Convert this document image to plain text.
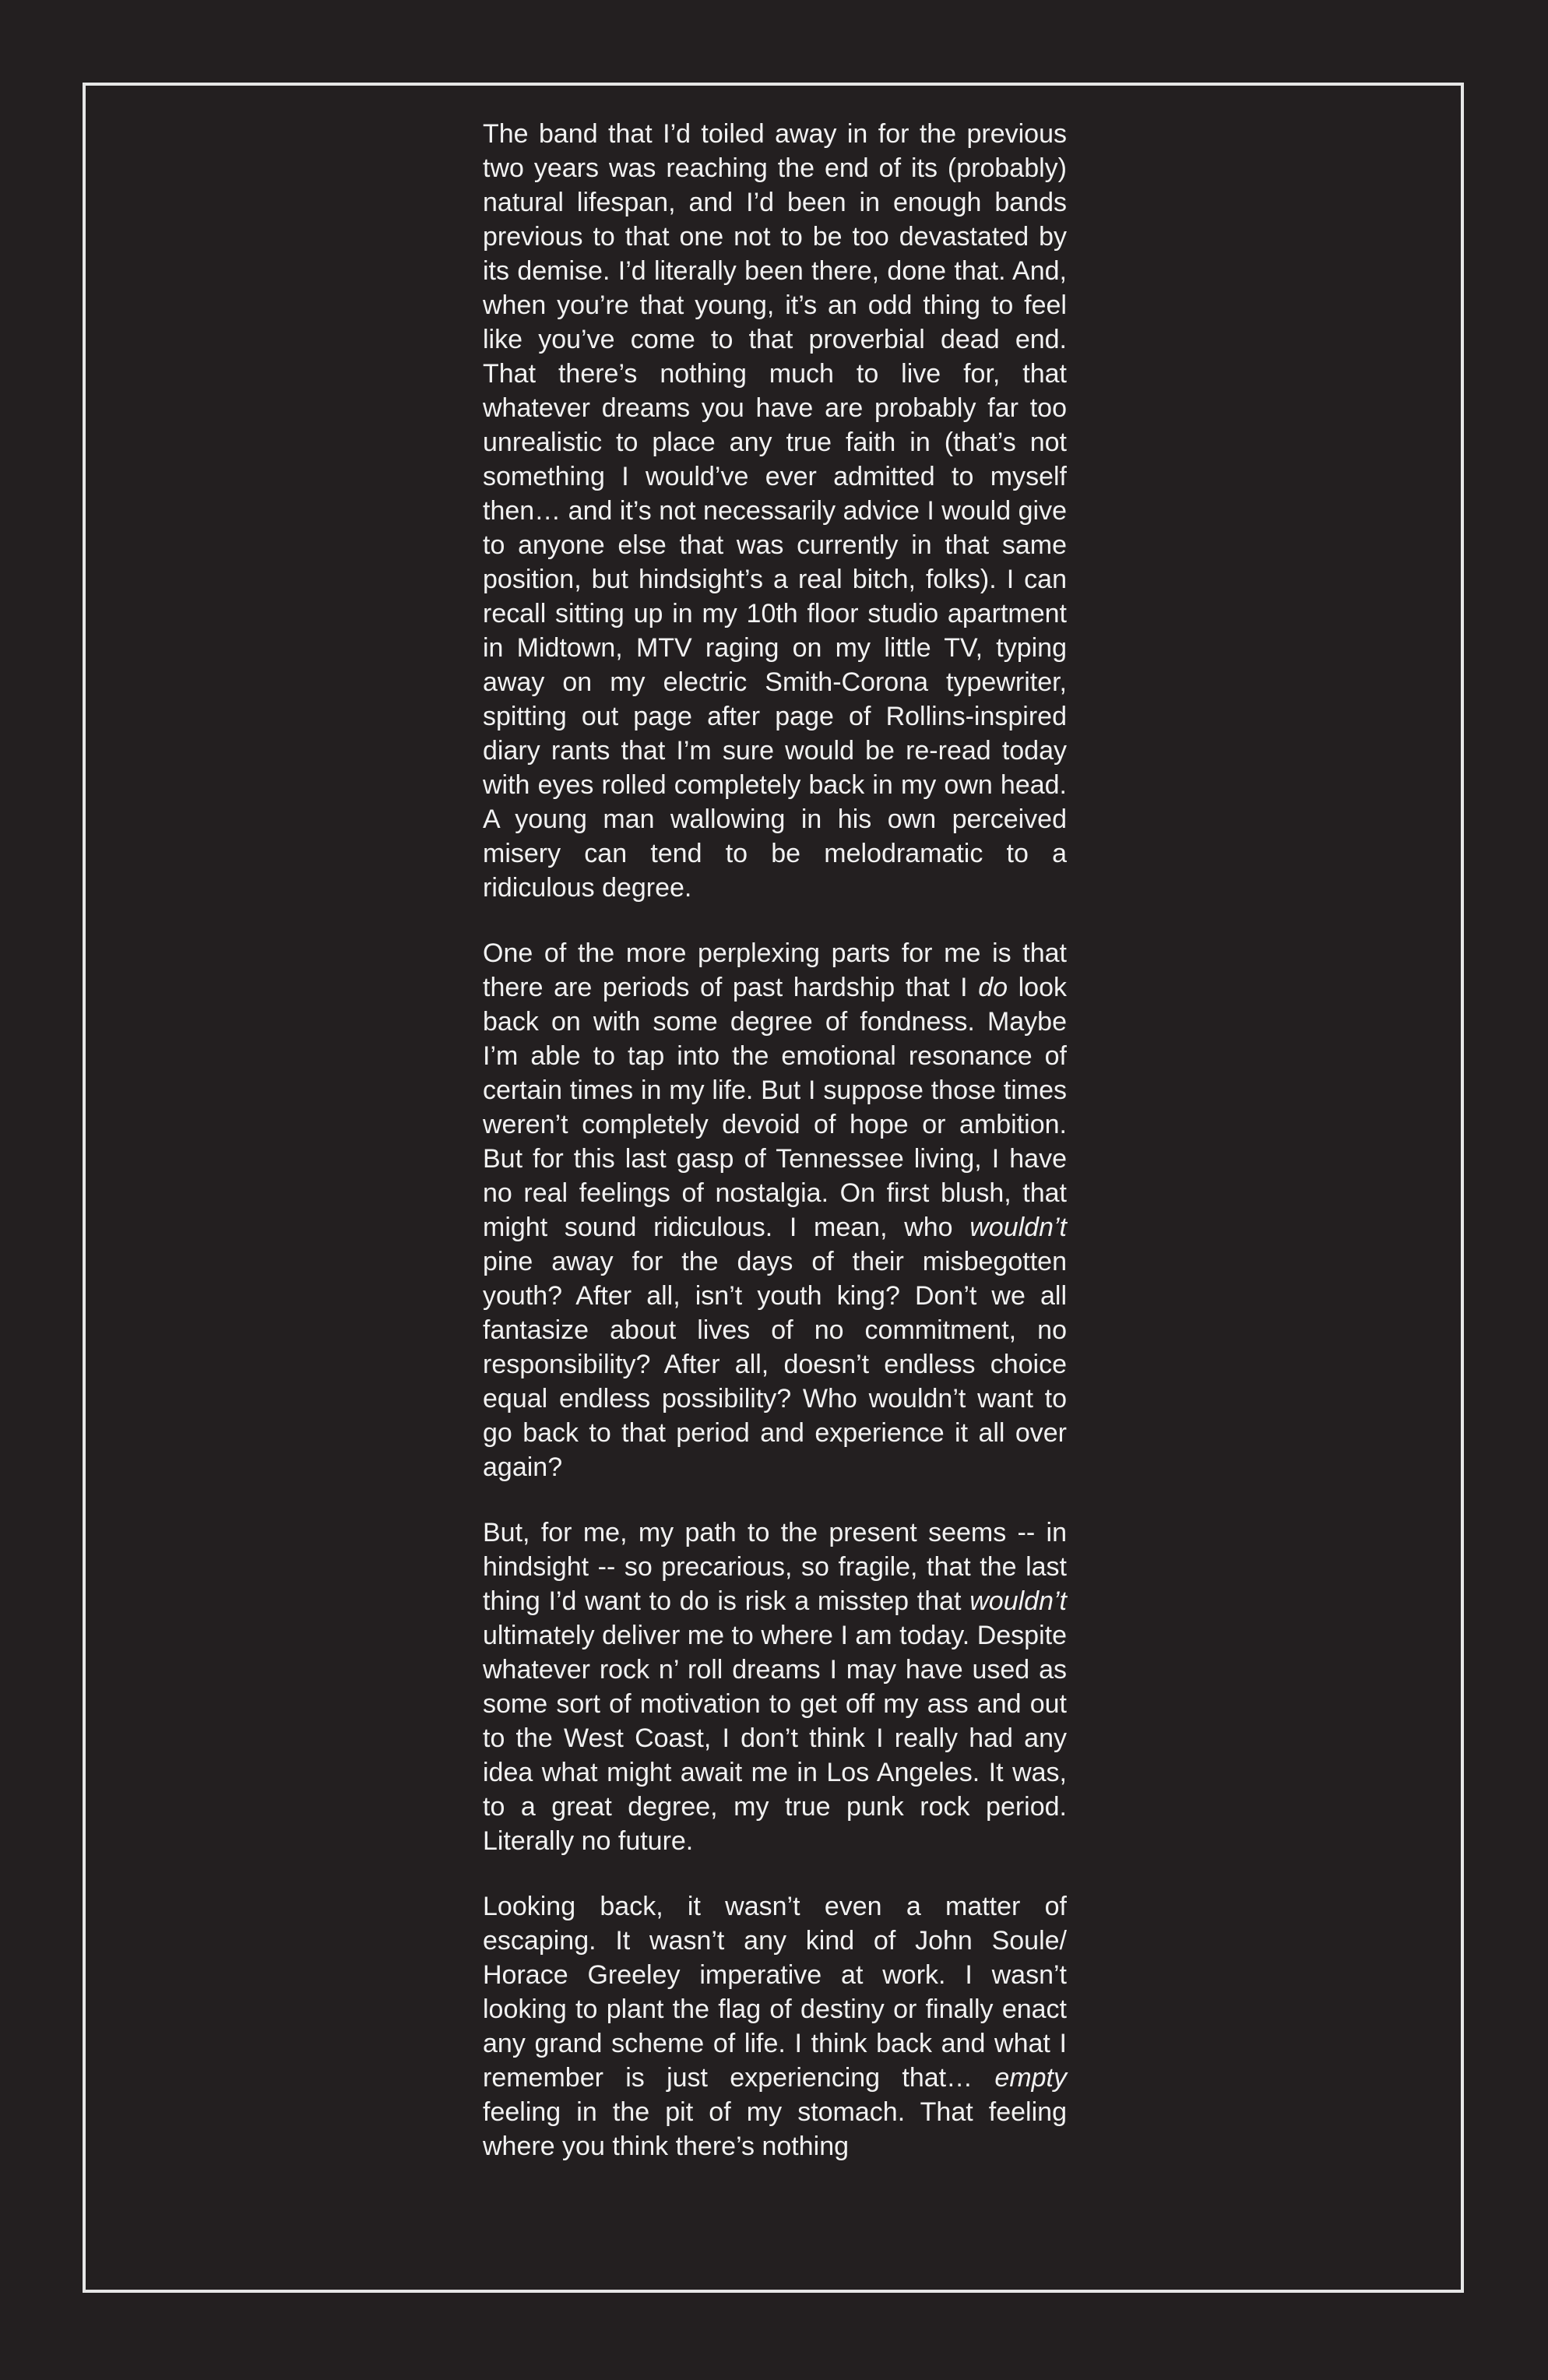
The band that I’d toiled away in for the previous two years was reaching the end of its (probably) natural lifespan, and I’d been in enough bands previous to that one not to be too devastated by its demise. I’d literally been there, done that. And, when you’re that young, it’s an odd thing to feel like you’ve come to that proverbial dead end. That there’s nothing much to live for, that whatever dreams you have are probably far too unrealistic to place any true faith in (that’s not something I would’ve ever admitted to myself then… and it’s not necessarily advice I would give to anyone else that was currently in that same position, but hindsight’s a real bitch, folks). I can recall sitting up in my 10th floor studio apartment in Midtown, MTV raging on my little TV, typing away on my electric Smith-Corona typewriter, spitting out page after page of Rollins-inspired diary rants that I’m sure would be re-read today with eyes rolled completely back in my own head. A young man wallowing in his own perceived misery can tend to be melodramatic to a ridiculous degree.

One of the more perplexing parts for me is that there are periods of past hardship that I do look back on with some degree of fondness. Maybe I’m able to tap into the emotional resonance of certain times in my life. But I suppose those times weren’t completely devoid of hope or ambition. But for this last gasp of Tennessee living, I have no real feelings of nostalgia. On first blush, that might sound ridiculous. I mean, who wouldn’t pine away for the days of their misbegotten youth? After all, isn’t youth king? Don’t we all fantasize about lives of no commitment, no responsibility? After all, doesn’t endless choice equal endless possibility? Who wouldn’t want to go back to that period and experience it all over again?

But, for me, my path to the present seems -- in hindsight -- so precarious, so fragile, that the last thing I’d want to do is risk a misstep that wouldn’t ultimately deliver me to where I am today. Despite whatever rock n’ roll dreams I may have used as some sort of motivation to get off my ass and out to the West Coast, I don’t think I really had any idea what might await me in Los Angeles. It was, to a great degree, my true punk rock period. Literally no future.

Looking back, it wasn’t even a matter of escaping. It wasn’t any kind of John Soule/ Horace Greeley imperative at work. I wasn’t looking to plant the flag of destiny or finally enact any grand scheme of life. I think back and what I remember is just experiencing that… empty feeling in the pit of my stomach. That feeling where you think there’s nothing
